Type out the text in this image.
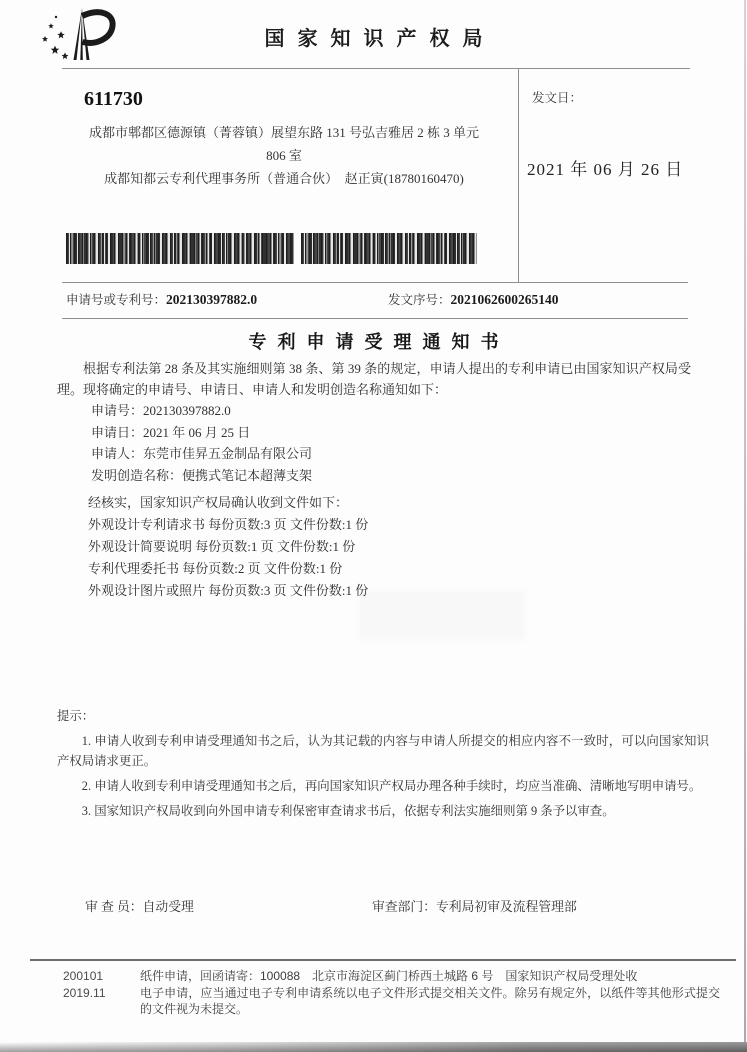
国家知识产权局
发文日：
2021 年 06 月 26 日
611730
成都市郫都区德源镇（菁蓉镇）展望东路 131 号弘吉雅居 2 栋 3 单元
806 室
成都知都云专利代理事务所（普通合伙）　赵正寅(18780160470)
申请号或专利号：202130397882.0	发文序号：2021062600265140
专利申请受理通知书

根据专利法第 28 条及其实施细则第 38 条、第 39 条的规定，申请人提出的专利申请已由国家知识产权局受理。现将确定的申请号、申请日、申请人和发明创造名称通知如下：

申请号：202130397882.0
申请日：2021 年 06 月 25 日
申请人：东莞市佳昇五金制品有限公司
发明创造名称：便携式笔记本超薄支架
经核实，国家知识产权局确认收到文件如下：
外观设计专利请求书 每份页数:3 页 文件份数:1 份
外观设计简要说明 每份页数:1 页 文件份数:1 份
专利代理委托书 每份页数:2 页 文件份数:1 份
外观设计图片或照片 每份页数:3 页 文件份数:1 份

提示：

1. 申请人收到专利申请受理通知书之后，认为其记载的内容与申请人所提交的相应内容不一致时，可以向国家知识产权局请求更正。

2. 申请人收到专利申请受理通知书之后，再向国家知识产权局办理各种手续时，均应当准确、清晰地写明申请号。

3. 国家知识产权局收到向外国申请专利保密审查请求书后，依据专利法实施细则第 9 条予以审查。

审 查 员：自动受理	审查部门：专利局初审及流程管理部
200101	纸件申请，回函请寄：100088　北京市海淀区蓟门桥西土城路 6 号　国家知识产权局受理处收
2019.11	电子申请，应当通过电子专利申请系统以电子文件形式提交相关文件。除另有规定外，以纸件等其他形式提交的文件视为未提交。
